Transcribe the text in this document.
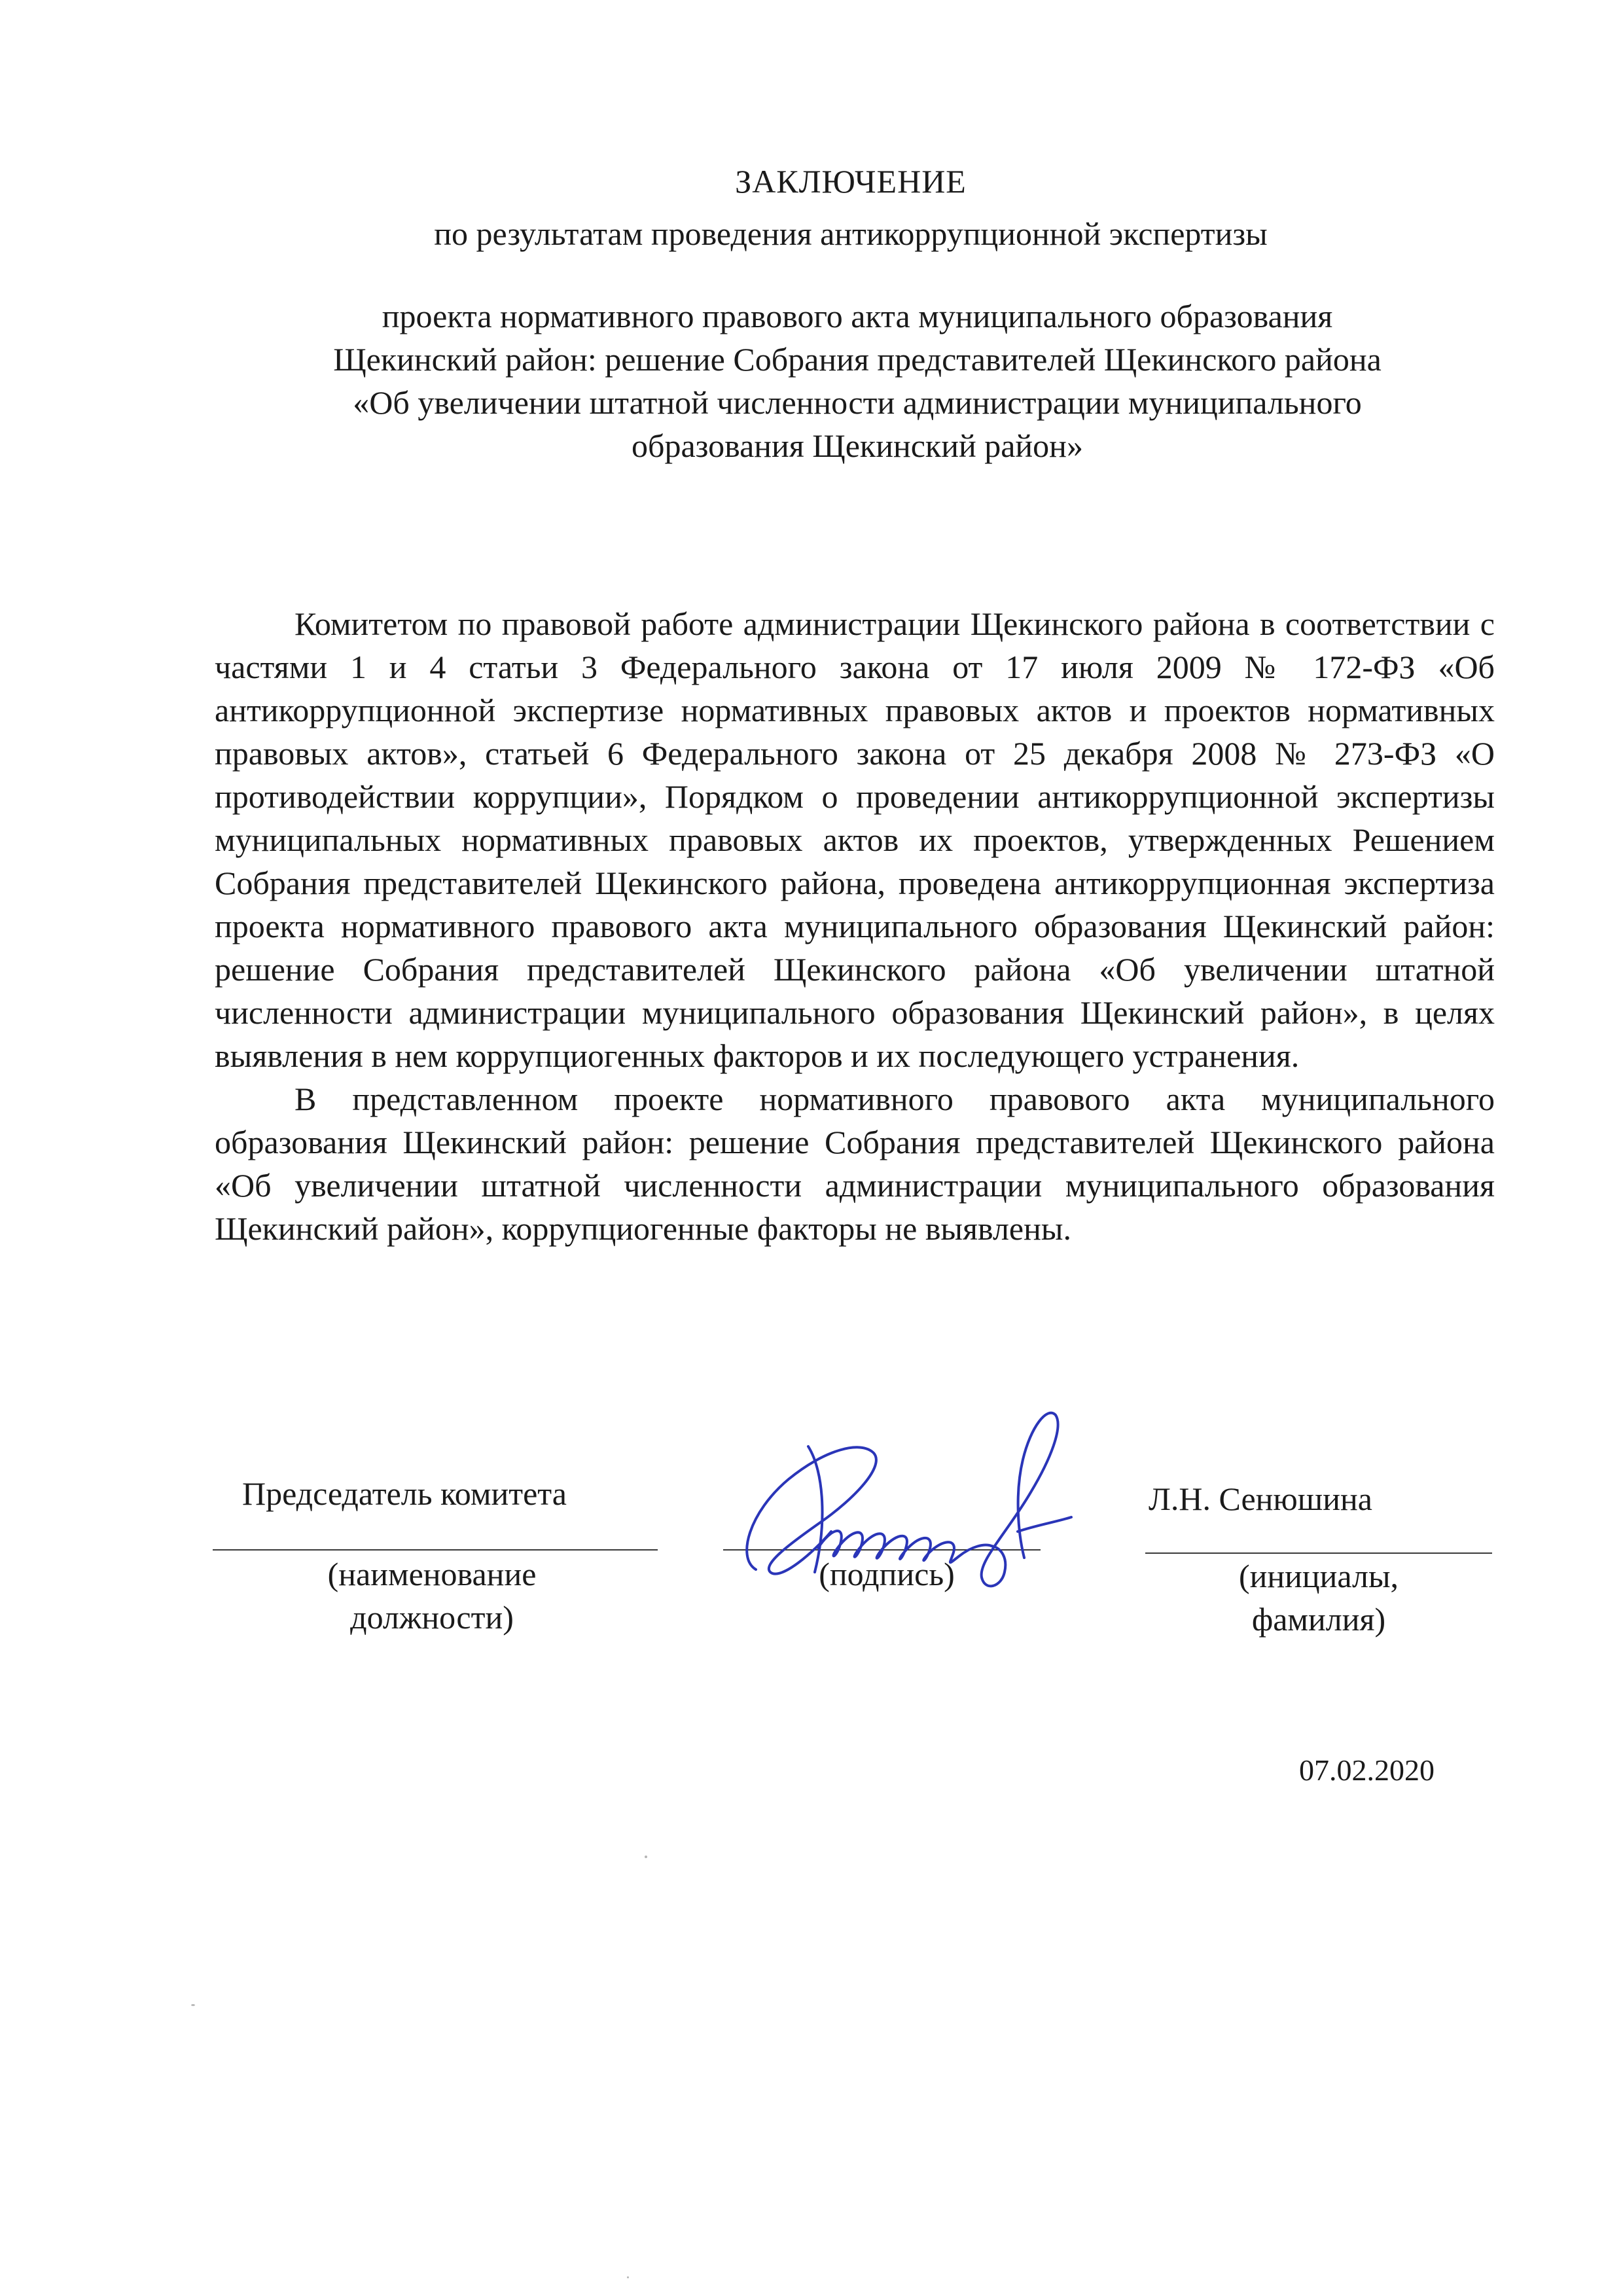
ЗАКЛЮЧЕНИЕ
по результатам проведения антикоррупционной экспертизы
проекта нормативного правового акта муниципального образования
Щекинский район: решение Собрания представителей Щекинского района
«Об увеличении штатной численности администрации муниципального
образования Щекинский район»

Комитетом по правовой работе администрации Щекинского района в соответствии с частями 1 и 4 статьи 3 Федерального закона от 17 июля 2009 № 172-ФЗ «Об антикоррупционной экспертизе нормативных правовых актов и проектов нормативных правовых актов», статьей 6 Федерального закона от 25 декабря 2008 № 273-ФЗ «О противодействии коррупции», Порядком о проведении антикоррупционной экспертизы муниципальных нормативных правовых актов их проектов, утвержденных Решением Собрания представителей Щекинского района, проведена антикоррупционная экспертиза проекта нормативного правового акта муниципального образования Щекинский район: решение Собрания представителей Щекинского района «Об увеличении штатной численности администрации муниципального образования Щекинский район», в целях выявления в нем коррупциогенных факторов и их последующего устранения.

В представленном проекте нормативного правового акта муниципального образования Щекинский район: решение Собрания представителей Щекинского района «Об увеличении штатной численности администрации муниципального образования Щекинский район», коррупциогенные факторы не выявлены.

Председатель комитета	Л.Н. Сенюшина
(наименование
должности)
(подпись)	(инициалы,
фамилия)
07.02.2020
